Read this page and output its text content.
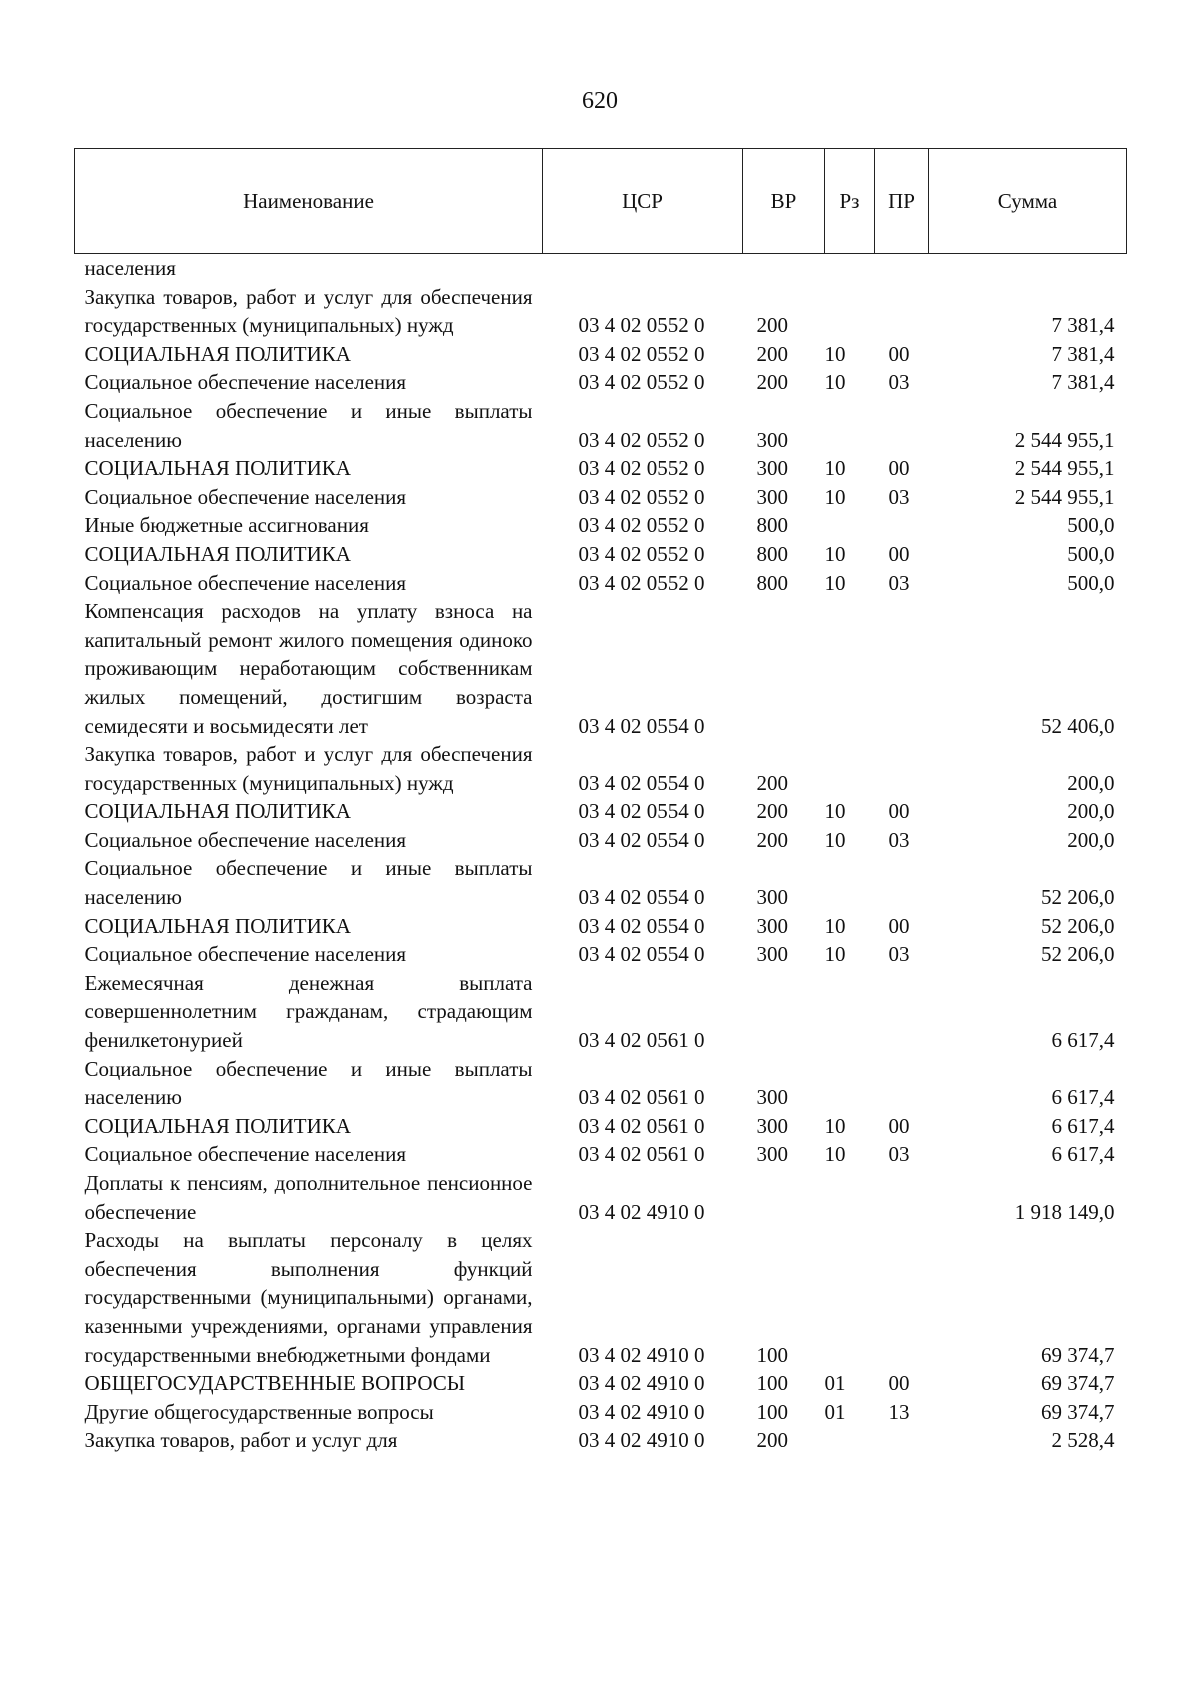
620
Наименование	ЦСР	ВР	Рз	ПР	Сумма
населения					
Закупка товаров, работ и услуг для обеспечения государственных (муниципальных) нужд	03 4 02 0552 0	200			7 381,4
СОЦИАЛЬНАЯ ПОЛИТИКА	03 4 02 0552 0	200	10	00	7 381,4
Социальное обеспечение населения	03 4 02 0552 0	200	10	03	7 381,4
Социальное обеспечение и иные выплаты населению	03 4 02 0552 0	300			2 544 955,1
СОЦИАЛЬНАЯ ПОЛИТИКА	03 4 02 0552 0	300	10	00	2 544 955,1
Социальное обеспечение населения	03 4 02 0552 0	300	10	03	2 544 955,1
Иные бюджетные ассигнования	03 4 02 0552 0	800			500,0
СОЦИАЛЬНАЯ ПОЛИТИКА	03 4 02 0552 0	800	10	00	500,0
Социальное обеспечение населения	03 4 02 0552 0	800	10	03	500,0
Компенсация расходов на уплату взноса на капитальный ремонт жилого помещения одиноко проживающим неработающим собственникам жилых помещений, достигшим возраста семидесяти и восьмидесяти лет	03 4 02 0554 0				52 406,0
Закупка товаров, работ и услуг для обеспечения государственных (муниципальных) нужд	03 4 02 0554 0	200			200,0
СОЦИАЛЬНАЯ ПОЛИТИКА	03 4 02 0554 0	200	10	00	200,0
Социальное обеспечение населения	03 4 02 0554 0	200	10	03	200,0
Социальное обеспечение и иные выплаты населению	03 4 02 0554 0	300			52 206,0
СОЦИАЛЬНАЯ ПОЛИТИКА	03 4 02 0554 0	300	10	00	52 206,0
Социальное обеспечение населения	03 4 02 0554 0	300	10	03	52 206,0
Ежемесячная денежная выплата совершеннолетним гражданам, страдающим фенилкетонурией	03 4 02 0561 0				6 617,4
Социальное обеспечение и иные выплаты населению	03 4 02 0561 0	300			6 617,4
СОЦИАЛЬНАЯ ПОЛИТИКА	03 4 02 0561 0	300	10	00	6 617,4
Социальное обеспечение населения	03 4 02 0561 0	300	10	03	6 617,4
Доплаты к пенсиям, дополнительное пенсионное обеспечение	03 4 02 4910 0				1 918 149,0
Расходы на выплаты персоналу в целях обеспечения выполнения функций государственными (муниципальными) органами, казенными учреждениями, органами управления государственными внебюджетными фондами	03 4 02 4910 0	100			69 374,7
ОБЩЕГОСУДАРСТВЕННЫЕ ВОПРОСЫ	03 4 02 4910 0	100	01	00	69 374,7
Другие общегосударственные вопросы	03 4 02 4910 0	100	01	13	69 374,7
Закупка товаров, работ и услуг для	03 4 02 4910 0	200			2 528,4
